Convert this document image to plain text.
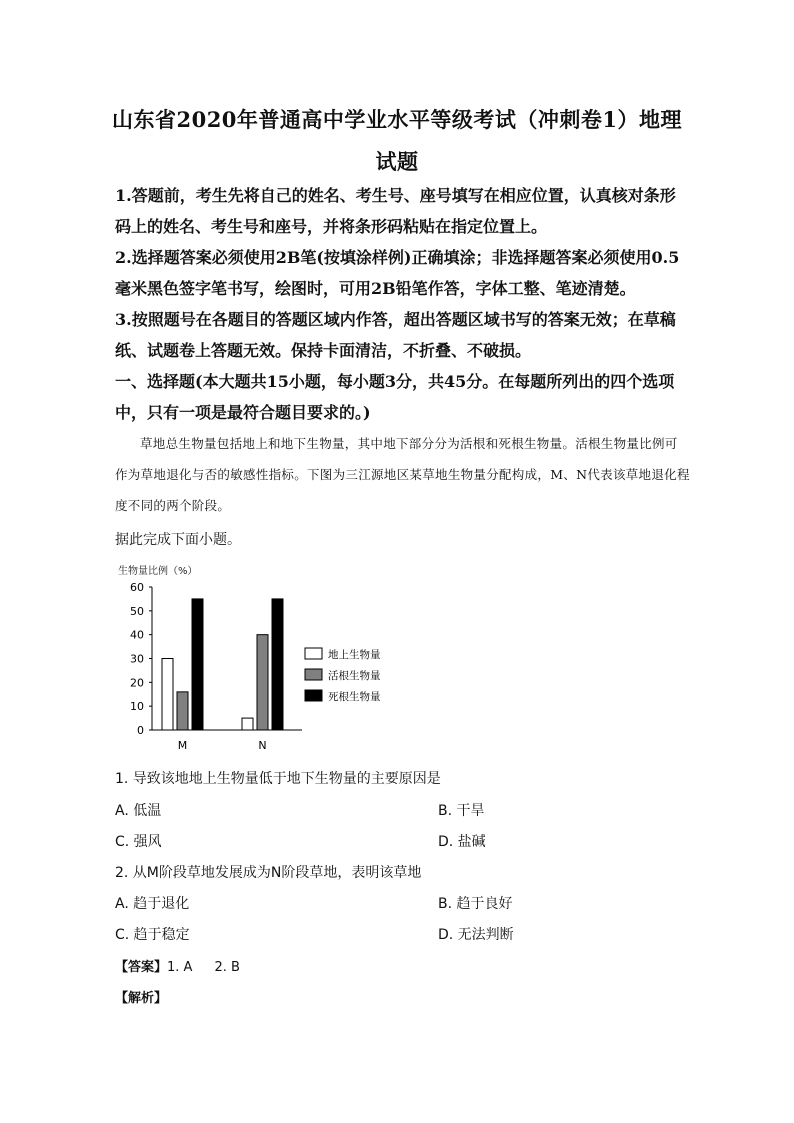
山东省2020年普通高中学业水平等级考试（冲刺卷1）地理
试题
1.答题前，考生先将自己的姓名、考生号、座号填写在相应位置，认真核对条形码上的姓名、考生号和座号，并将条形码粘贴在指定位置上。
2.选择题答案必须使用2B笔(按填涂样例)正确填涂；非选择题答案必须使用0.5毫米黑色签字笔书写，绘图时，可用2B铅笔作答，字体工整、笔迹清楚。
3.按照题号在各题目的答题区域内作答，超出答题区域书写的答案无效；在草稿纸、试题卷上答题无效。保持卡面清洁，不折叠、不破损。
一、选择题(本大题共15小题，每小题3分，共45分。在每题所列出的四个选项中，只有一项是最符合题目要求的。)
草地总生物量包括地上和地下生物量，其中地下部分分为活根和死根生物量。活根生物量比例可作为草地退化与否的敏感性指标。下图为三江源地区某草地生物量分配构成，M、N代表该草地退化程度不同的两个阶段。
据此完成下面小题。
生物量比例（%）
0
10
20
30
40
50
60
M	N
地上生物量
活根生物量
死根生物量
1. 导致该地地上生物量低于地下生物量的主要原因是
A. 低温	B. 干旱
C. 强风	D. 盐碱
2. 从M阶段草地发展成为N阶段草地，表明该草地
A. 趋于退化	B. 趋于良好
C. 趋于稳定	D. 无法判断
【答案】1. A 2. B
【解析】
